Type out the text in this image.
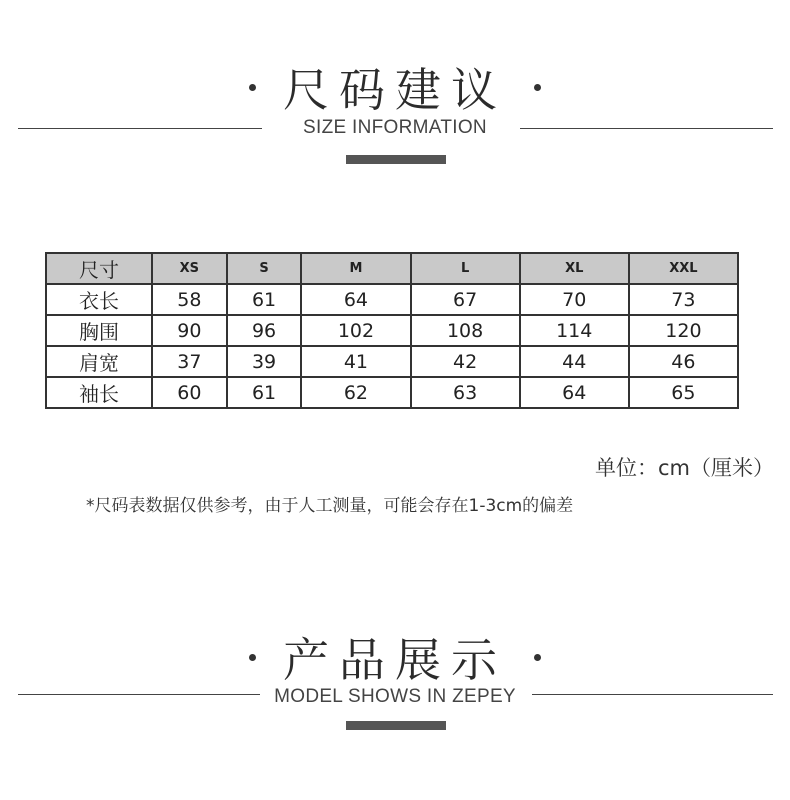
尺码建议
SIZE INFORMATION
尺寸	XS	S	M	L	XL	XXL
衣长	58	61	64	67	70	73
胸围	90	96	102	108	114	120
肩宽	37	39	41	42	44	46
袖长	60	61	62	63	64	65
单位：cm（厘米）
*尺码表数据仅供参考，由于人工测量，可能会存在1-3cm的偏差
产品展示
MODEL SHOWS IN ZEPEY
